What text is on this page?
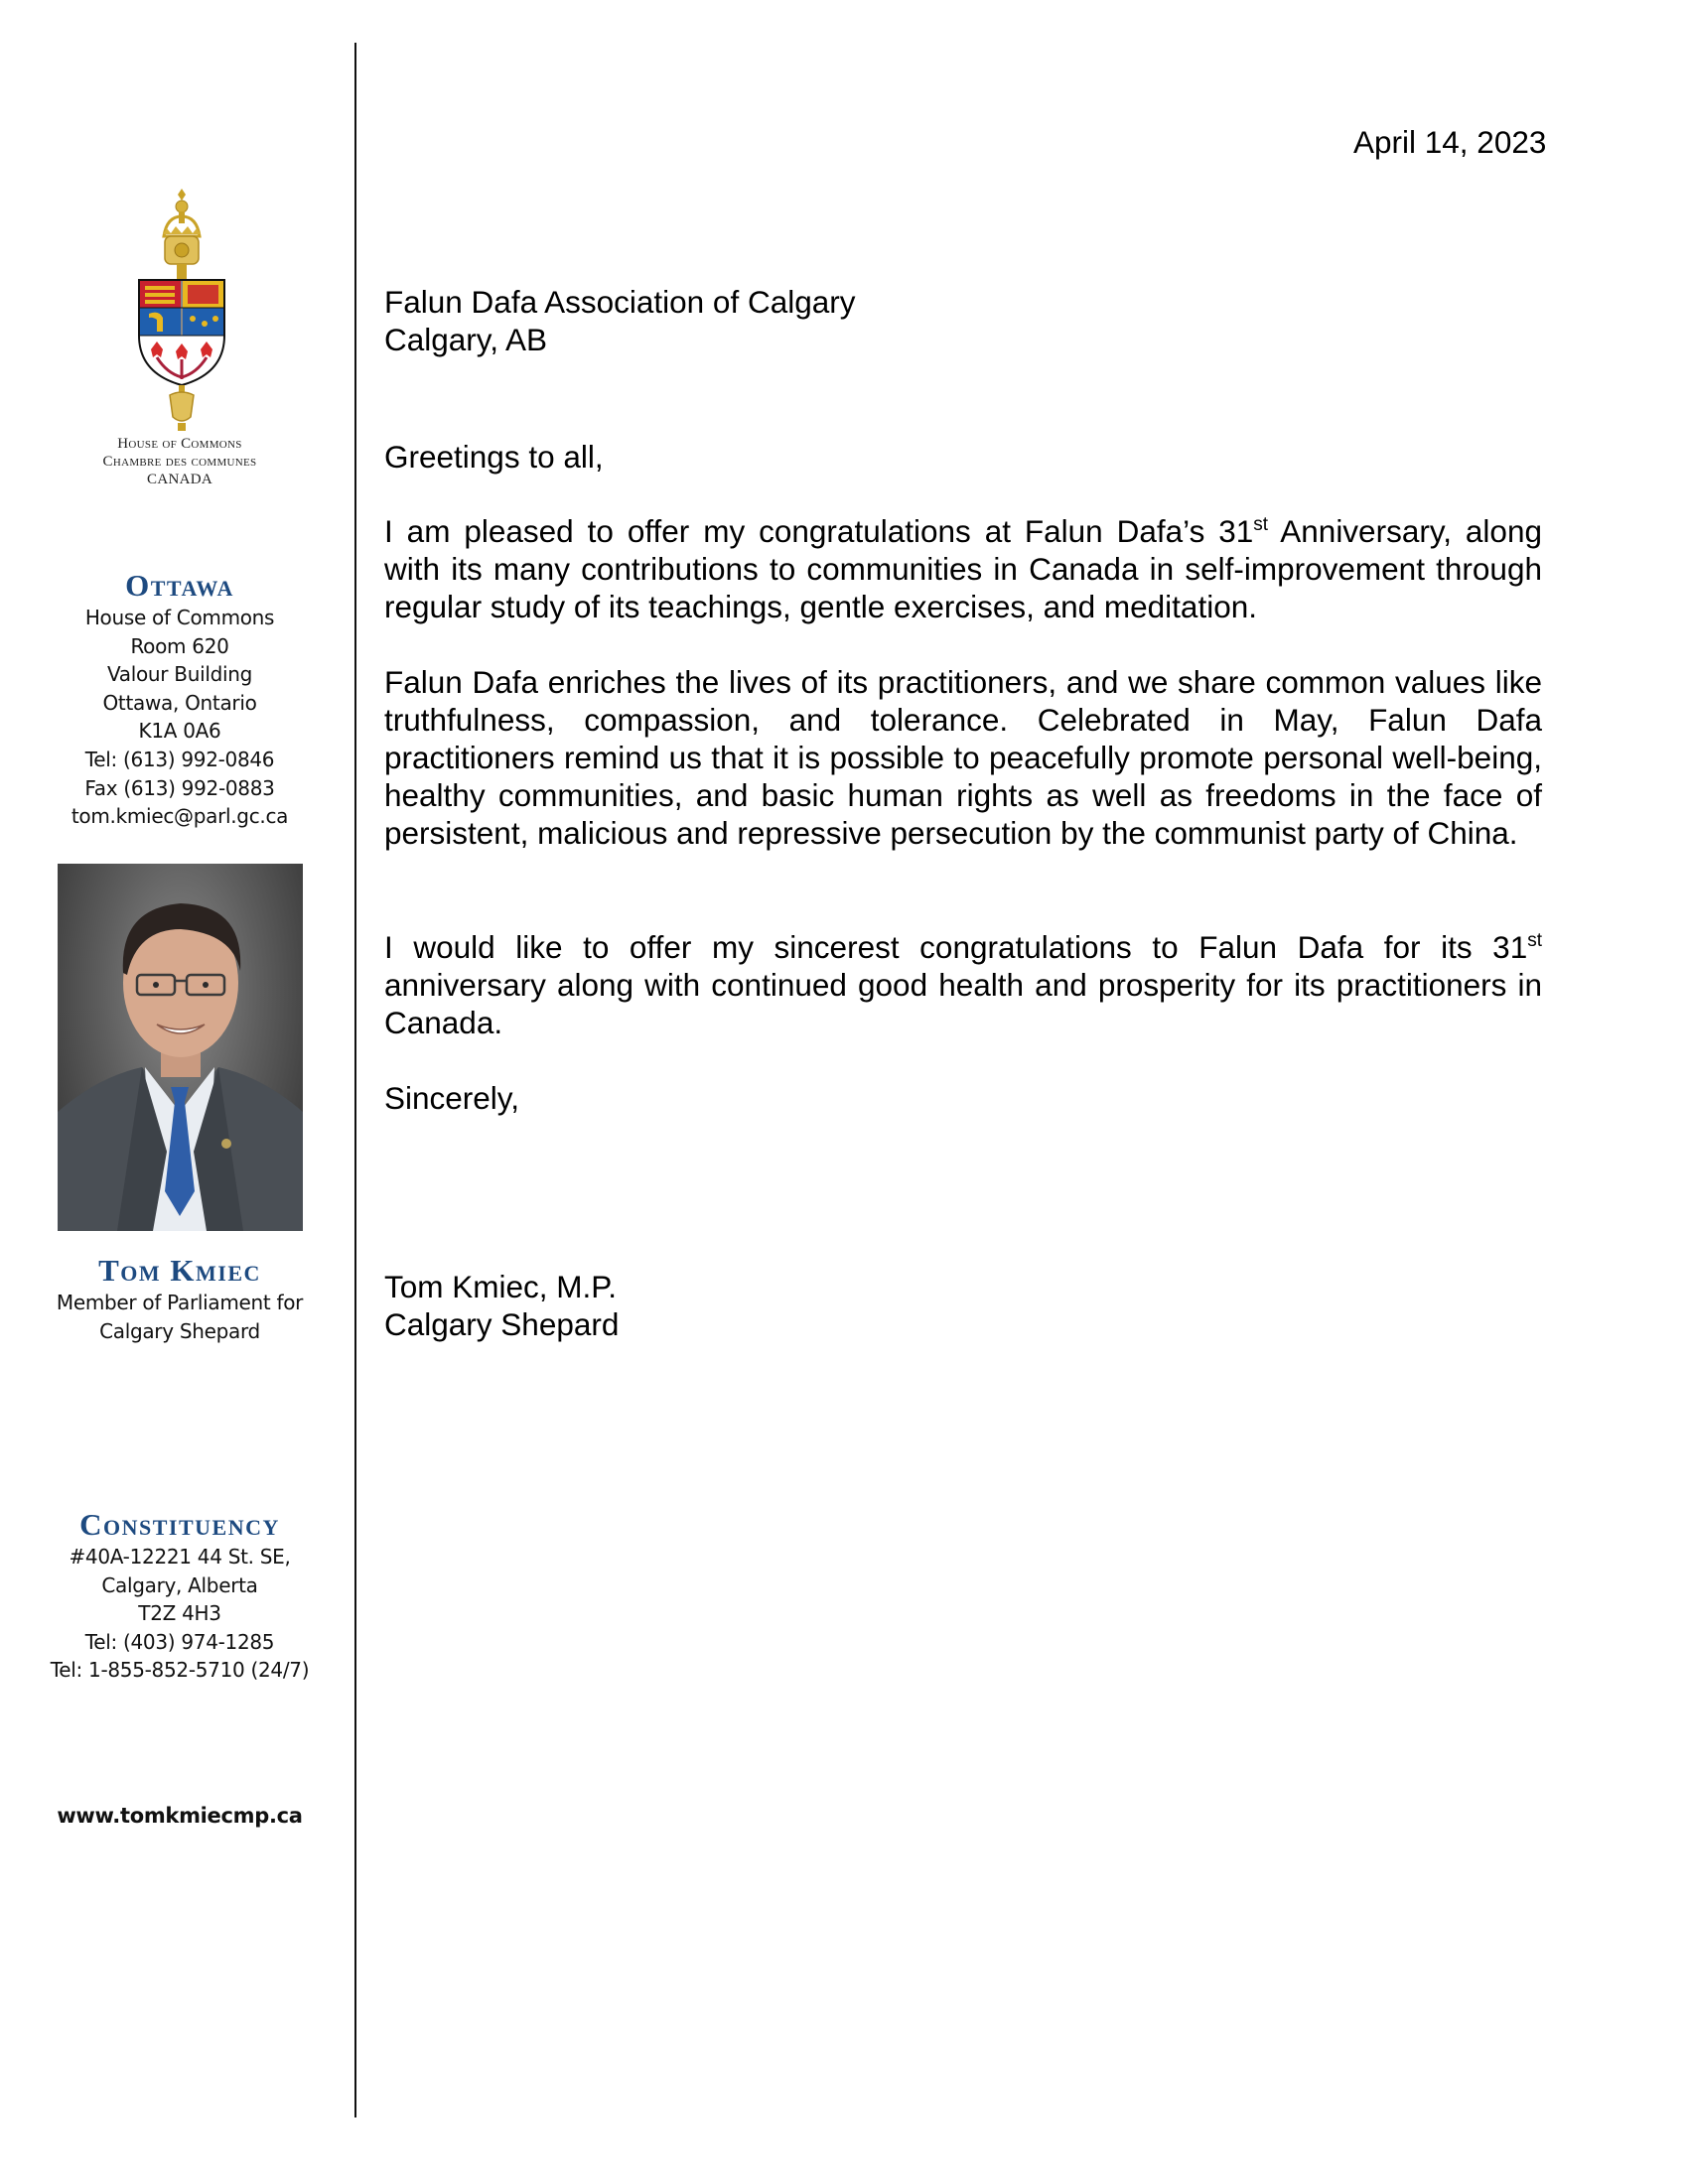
House of Commons
Chambre des communes
CANADA
Ottawa
House of Commons
Room 620
Valour Building
Ottawa, Ontario
K1A 0A6
Tel: (613) 992-0846
Fax (613) 992-0883
tom.kmiec@parl.gc.ca
Tom Kmiec
Member of Parliament for
Calgary Shepard
Constituency
#40A-12221 44 St. SE,
Calgary, Alberta
T2Z 4H3
Tel: (403) 974-1285
Tel: 1-855-852-5710 (24/7)
www.tomkmiecmp.ca
April 14, 2023
Falun Dafa Association of Calgary
Calgary, AB
Greetings to all,
I am pleased to offer my congratulations at Falun Dafa’s 31st Anniversary, along with its many contributions to communities in Canada in self-improvement through regular study of its teachings, gentle exercises, and meditation.
Falun Dafa enriches the lives of its practitioners, and we share common values like truthfulness, compassion, and tolerance. Celebrated in May, Falun Dafa practitioners remind us that it is possible to peacefully promote personal well-being, healthy communities, and basic human rights as well as freedoms in the face of persistent, malicious and repressive persecution by the communist party of China.
I would like to offer my sincerest congratulations to Falun Dafa for its 31st anniversary along with continued good health and prosperity for its practitioners in Canada.
Sincerely,
Tom Kmiec, M.P.
Calgary Shepard
